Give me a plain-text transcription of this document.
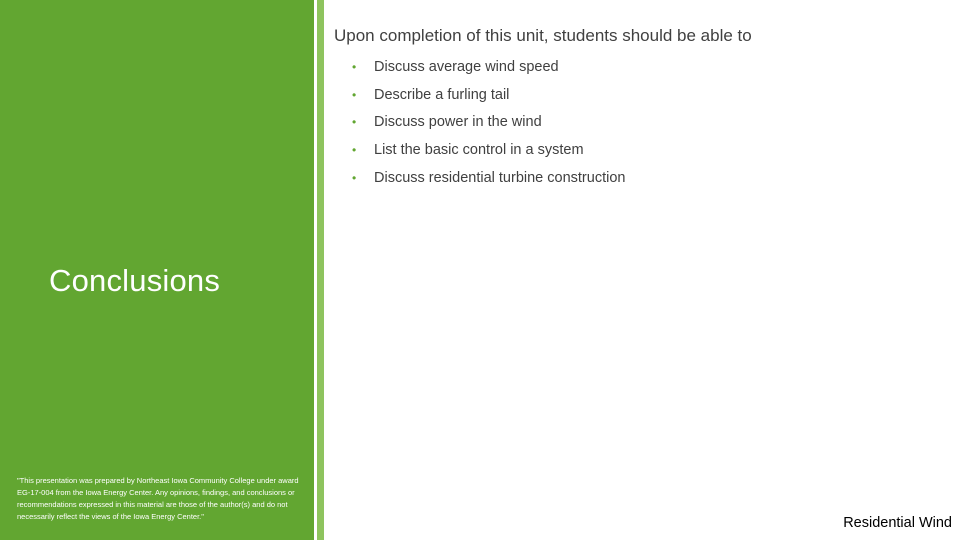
Conclusions

"This presentation was prepared by Northeast Iowa Community College under award EG-17-004 from the Iowa Energy Center. Any opinions, findings, and conclusions or recommendations expressed in this material are those of the author(s) and do not necessarily reflect the views of the Iowa Energy Center."

Upon completion of this unit, students should be able to

•	Discuss average wind speed
•	Describe a furling tail
•	Discuss power in the wind
•	List the basic control in a system
•	Discuss residential turbine construction
Residential Wind
